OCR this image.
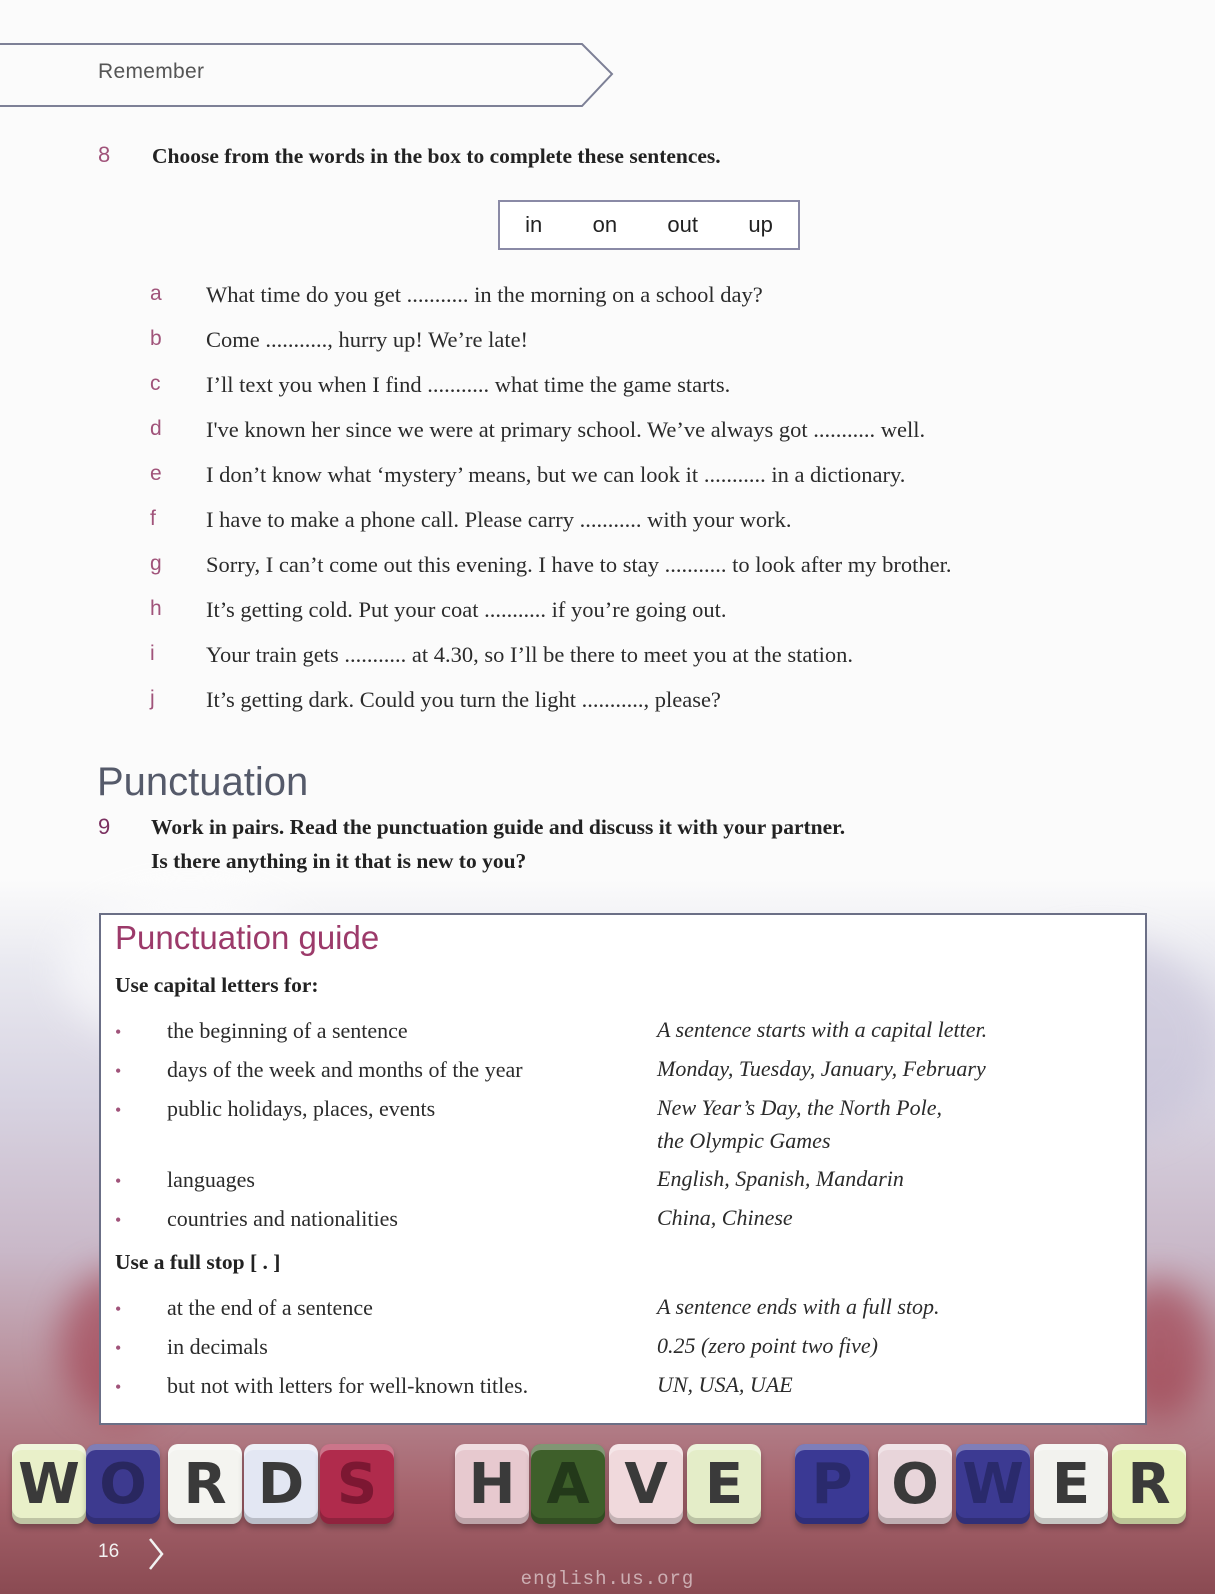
Remember
8 Choose from the words in the box to complete these sentences.
in on out up
a	What time do you get ........... in the morning on a school day?
b	Come ..........., hurry up! We’re late!
c	I’ll text you when I find ........... what time the game starts.
d	I've known her since we were at primary school. We’ve always got ........... well.
e	I don’t know what ‘mystery’ means, but we can look it ........... in a dictionary.
f	I have to make a phone call. Please carry ........... with your work.
g	Sorry, I can’t come out this evening. I have to stay ........... to look after my brother.
h	It’s getting cold. Put your coat ........... if you’re going out.
i	Your train gets ........... at 4.30, so I’ll be there to meet you at the station.
j	It’s getting dark. Could you turn the light ..........., please?
Punctuation
9 Work in pairs. Read the punctuation guide and discuss it with your partner.
Is there anything in it that is new to you?
Punctuation guide
Use capital letters for:
• the beginning of a sentence	A sentence starts with a capital letter.
• days of the week and months of the year	Monday, Tuesday, January, February
• public holidays, places, events	New Year’s Day, the North Pole,
the Olympic Games
• languages	English, Spanish, Mandarin
• countries and nationalities	China, Chinese
Use a full stop [ . ]
• at the end of a sentence	A sentence ends with a full stop.
• in decimals	0.25 (zero point two five)
• but not with letters for well-known titles.	UN, USA, UAE
W O R D S	H A V E	P O W E R
16
english.us.org
